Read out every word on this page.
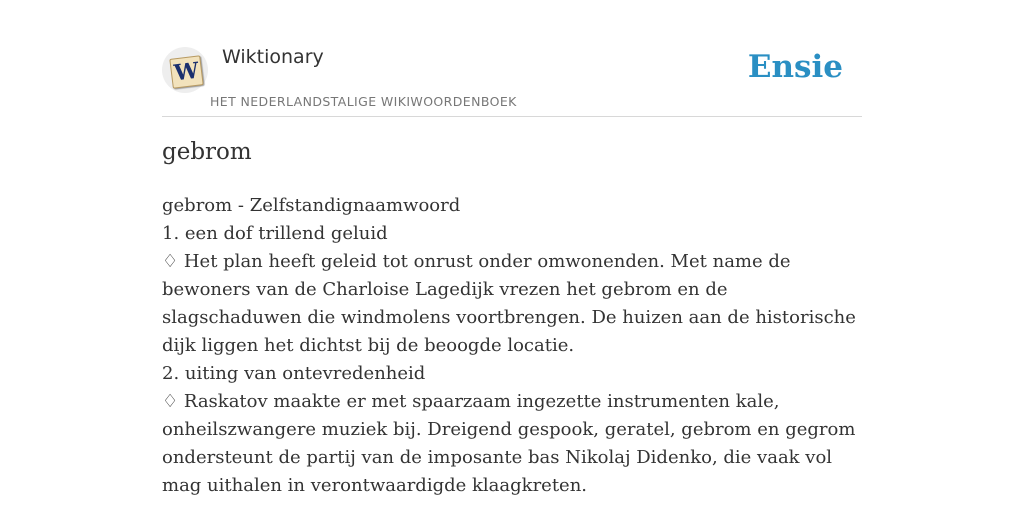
W
Wiktionary
HET NEDERLANDSTALIGE WIKIWOORDENBOEK
Ensie
gebrom
gebrom - Zelfstandignaamwoord
1. een dof trillend geluid
♢ Het plan heeft geleid tot onrust onder omwonenden. Met name de bewoners van de Charloise Lagedijk vrezen het gebrom en de slagschaduwen die windmolens voortbrengen. De huizen aan de historische dijk liggen het dichtst bij de beoogde locatie.
2. uiting van ontevredenheid
♢ Raskatov maakte er met spaarzaam ingezette instrumenten kale, onheilszwangere muziek bij. Dreigend gespook, geratel, gebrom en gegrom ondersteunt de partij van de imposante bas Nikolaj Didenko, die vaak vol mag uithalen in verontwaardigde klaagkreten.
